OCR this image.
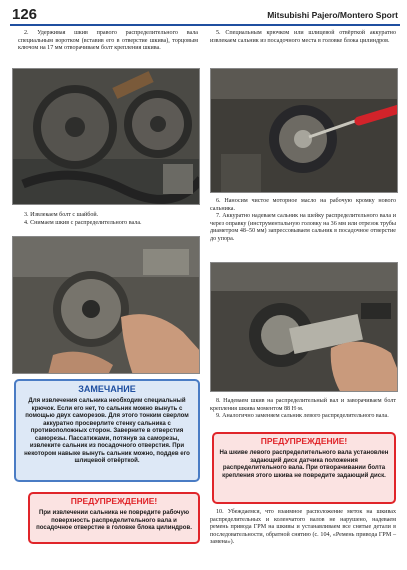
126	Mitsubishi Pajero/Montero Sport

2. Удерживая шкив правого распределительного вала специальным воротком (вставив его в отверстие шкива), торцовым ключом на 17 мм отворачиваем болт крепления шкива.

3. Извлекаем болт с шайбой.

4. Снимаем шкив с распределительного вала.

ЗАМЕЧАНИЕ
Для извлечения сальника необходим специальный крючок. Если его нет, то сальник можно вынуть с помощью двух саморезов. Для этого тонким сверлом аккуратно просверлите стенку сальника с противоположных сторон. Заверните в отверстия саморезы. Пассатижами, потянув за саморезы, извлеките сальник из посадочного отверстия. При некотором навыке вынуть сальник можно, поддев его шлицевой отвёрткой.
ПРЕДУПРЕЖДЕНИЕ!
При извлечении сальника не повредите рабочую поверхность распределительного вала и посадочное отверстие в головке блока цилиндров.

5. Специальным крючком или шлицевой отвёрткой аккуратно извлекаем сальник из посадочного места в головке блока цилиндров.

6. Наносим чистое моторное масло на рабочую кромку нового сальника.

7. Аккуратно надеваем сальник на шейку распределительного вала и через оправку (инструментальную головку на 36 мм или отрезок трубы диаметром 48–50 мм) запрессовываем сальник в посадочное отверстие до упора.

8. Надеваем шкив на распределительный вал и заворачиваем болт крепления шкива моментом 88 Н·м.

9. Аналогично заменяем сальник левого распределительного вала.

ПРЕДУПРЕЖДЕНИЕ!
На шкиве левого распределительного вала установлен задающий диск датчика положения распределительного вала. При отворачивании болта крепления этого шкива не повредите задающий диск.

10. Убеждаемся, что взаимное расположение меток на шкивах распределительных и коленчатого валов не нарушено, надеваем ремень привода ГРМ на шкивы и устанавливаем все снятые детали в последовательности, обратной снятию (с. 104, «Ремень привода ГРМ – замена»).
